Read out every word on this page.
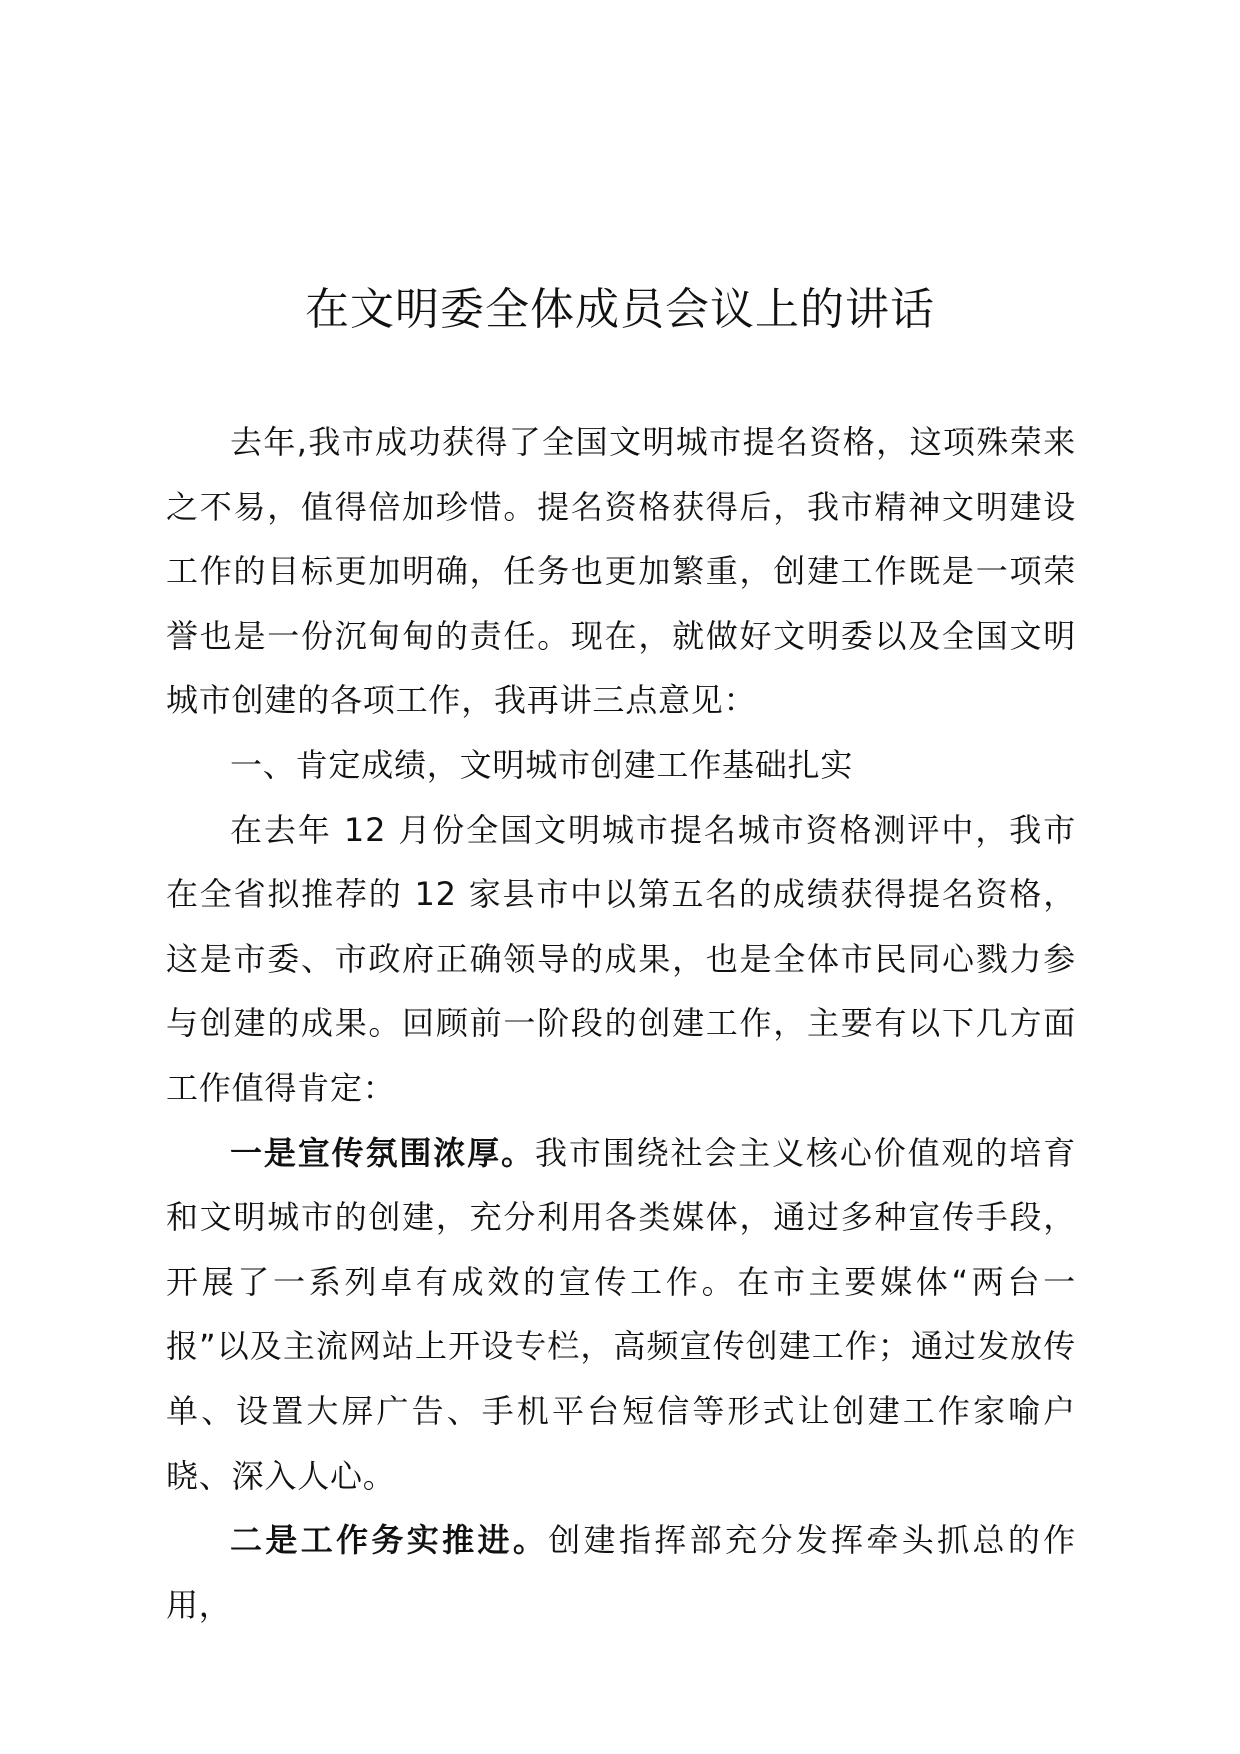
在文明委全体成员会议上的讲话

去年,我市成功获得了全国文明城市提名资格，这项殊荣来之不易，值得倍加珍惜。提名资格获得后，我市精神文明建设工作的目标更加明确，任务也更加繁重，创建工作既是一项荣誉也是一份沉甸甸的责任。现在，就做好文明委以及全国文明城市创建的各项工作，我再讲三点意见：

一、肯定成绩，文明城市创建工作基础扎实

在去年 12 月份全国文明城市提名城市资格测评中，我市在全省拟推荐的 12 家县市中以第五名的成绩获得提名资格，这是市委、市政府正确领导的成果，也是全体市民同心戮力参与创建的成果。回顾前一阶段的创建工作，主要有以下几方面工作值得肯定：

一是宣传氛围浓厚。我市围绕社会主义核心价值观的培育和文明城市的创建，充分利用各类媒体，通过多种宣传手段，开展了一系列卓有成效的宣传工作。在市主要媒体“两台一报”以及主流网站上开设专栏，高频宣传创建工作；通过发放传单、设置大屏广告、手机平台短信等形式让创建工作家喻户晓、深入人心。

二是工作务实推进。创建指挥部充分发挥牵头抓总的作用，
